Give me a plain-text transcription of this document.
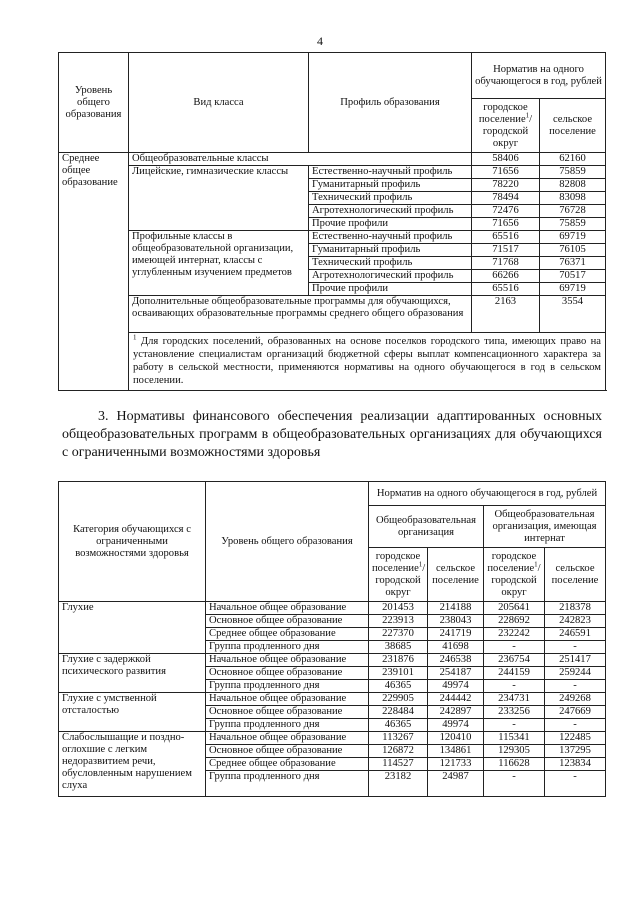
4
Уровень общего образования	Вид класса	Профиль образования	Норматив на одного обучающегося в год, рублей	
			городское поселение$^1$/ городской округ	сельское поселение
Среднее общее образование	Общеобразовательные классы		58406	62160
	Лицейские, гимназические классы	Естественно-научный профиль	71656	75859
		Гуманитарный профиль	78220	82808
		Технический профиль	78494	83098
		Агротехнологический профиль	72476	76728
		Прочие профили	71656	75859
	Профильные классы в общеобразовательной организации, имеющей интернат, классы с углубленным изучением предметов	Естественно-научный профиль	65516	69719
		Гуманитарный профиль	71517	76105
		Технический профиль	71768	76371
		Агротехнологический профиль	66266	70517
		Прочие профили	65516	69719
	Дополнительные общеобразовательные программы для обучающихся, осваивающих образовательные программы среднего общего образования		2163	3554
	$^1$ Для городских поселений, образованных на основе поселков городского типа, имеющих право на установление специалистам организаций бюджетной сферы выплат компенсационного характера за работу в сельской местности, применяются нормативы на одного обучающегося в год в сельском поселении.			
3. Нормативы финансового обеспечения реализации адаптированных основных общеобразовательных программ в общеобразовательных организациях для обучающихся с ограниченными возможностями здоровья
Категория обучающихся с ограниченными возможностями здоровья	Уровень общего образования	Норматив на одного обучающегося в год, рублей			
		Общеобразовательная организация		Общеобразовательная организация, имеющая интернат	
		городское поселение$^1$/ городской округ	сельское поселение	городское поселение$^1$/ городской округ	сельское поселение
Глухие	Начальное общее образование	201453	214188	205641	218378
	Основное общее образование	223913	238043	228692	242823
	Среднее общее образование	227370	241719	232242	246591
	Группа продленного дня	38685	41698	-	-
Глухие с задержкой психического развития	Начальное общее образование	231876	246538	236754	251417
	Основное общее образование	239101	254187	244159	259244
	Группа продленного дня	46365	49974	-	-
Глухие с умственной отсталостью	Начальное общее образование	229905	244442	234731	249268
	Основное общее образование	228484	242897	233256	247669
	Группа продленного дня	46365	49974	-	-
Слабослышащие и поздно-оглохшие с легким недоразвитием речи, обусловленным нарушением слуха	Начальное общее образование	113267	120410	115341	122485
	Основное общее образование	126872	134861	129305	137295
	Среднее общее образование	114527	121733	116628	123834
	Группа продленного дня	23182	24987	-	-
